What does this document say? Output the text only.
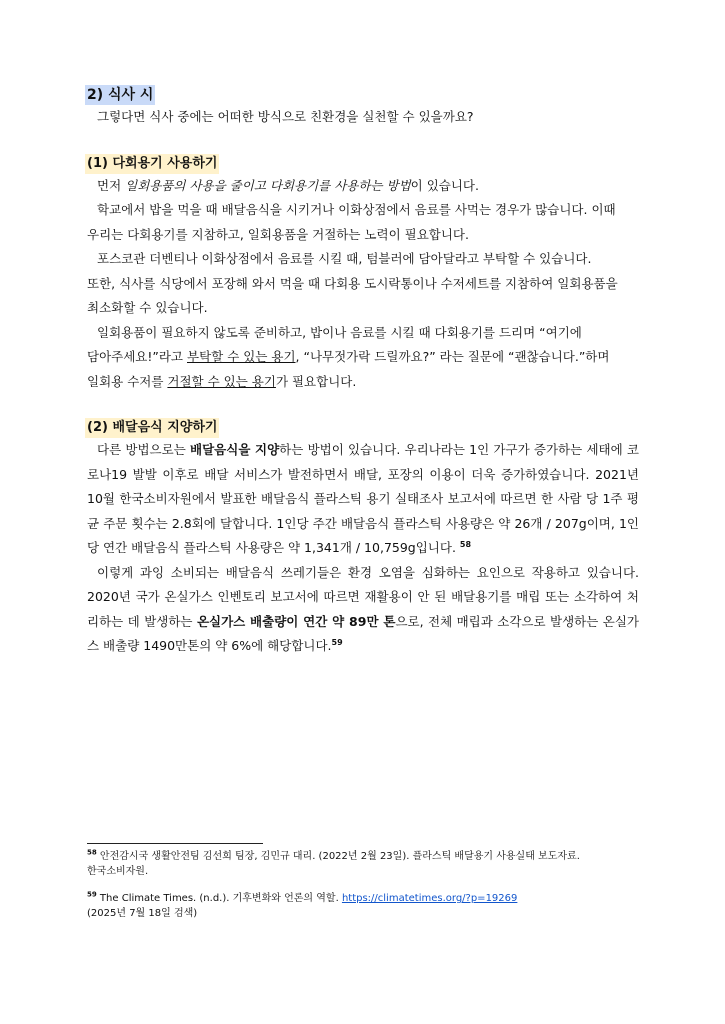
2) 식사 시

그렇다면 식사 중에는 어떠한 방식으로 친환경을 실천할 수 있을까요?

(1) 다회용기 사용하기

먼저 일회용품의 사용을 줄이고 다회용기를 사용하는 방법이 있습니다.

학교에서 밥을 먹을 때 배달음식을 시키거나 이화상점에서 음료를 사먹는 경우가 많습니다. 이때

우리는 다회용기를 지참하고, 일회용품을 거절하는 노력이 필요합니다.

포스코관 더벤티나 이화상점에서 음료를 시킬 때, 텀블러에 담아달라고 부탁할 수 있습니다.

또한, 식사를 식당에서 포장해 와서 먹을 때 다회용 도시락통이나 수저세트를 지참하여 일회용품을

최소화할 수 있습니다.

일회용품이 필요하지 않도록 준비하고, 밥이나 음료를 시킬 때 다회용기를 드리며 “여기에

담아주세요!”라고 부탁할 수 있는 용기, “나무젓가락 드릴까요?” 라는 질문에 “괜찮습니다.”하며

일회용 수저를 거절할 수 있는 용기가 필요합니다.

(2) 배달음식 지양하기

다른 방법으로는 배달음식을 지양하는 방법이 있습니다. 우리나라는 1인 가구가 증가하는 세태에 코로나19 발발 이후로 배달 서비스가 발전하면서 배달, 포장의 이용이 더욱 증가하였습니다. 2021년 10월 한국소비자원에서 발표한 배달음식 플라스틱 용기 실태조사 보고서에 따르면 한 사람 당 1주 평균 주문 횟수는 2.8회에 달합니다. 1인당 주간 배달음식 플라스틱 사용량은 약 26개 / 207g이며, 1인당 연간 배달음식 플라스틱 사용량은 약 1,341개 / 10,759g입니다. $^{58}$

이렇게 과잉 소비되는 배달음식 쓰레기들은 환경 오염을 심화하는 요인으로 작용하고 있습니다. 2020년 국가 온실가스 인벤토리 보고서에 따르면 재활용이 안 된 배달용기를 매립 또는 소각하여 처리하는 데 발생하는 온실가스 배출량이 연간 약 89만 톤으로, 전체 매립과 소각으로 발생하는 온실가스 배출량 1490만톤의 약 6%에 해당합니다.$^{59}$

$^{58}$ 안전감시국 생활안전팀 김선희 팀장, 김민규 대리. (2022년 2월 23일). 플라스틱 배달용기 사용실태 보도자료.

한국소비자원.

$^{59}$ The Climate Times. (n.d.). 기후변화와 언론의 역할. https://climatetimes.org/?p=19269

(2025년 7월 18일 검색)
